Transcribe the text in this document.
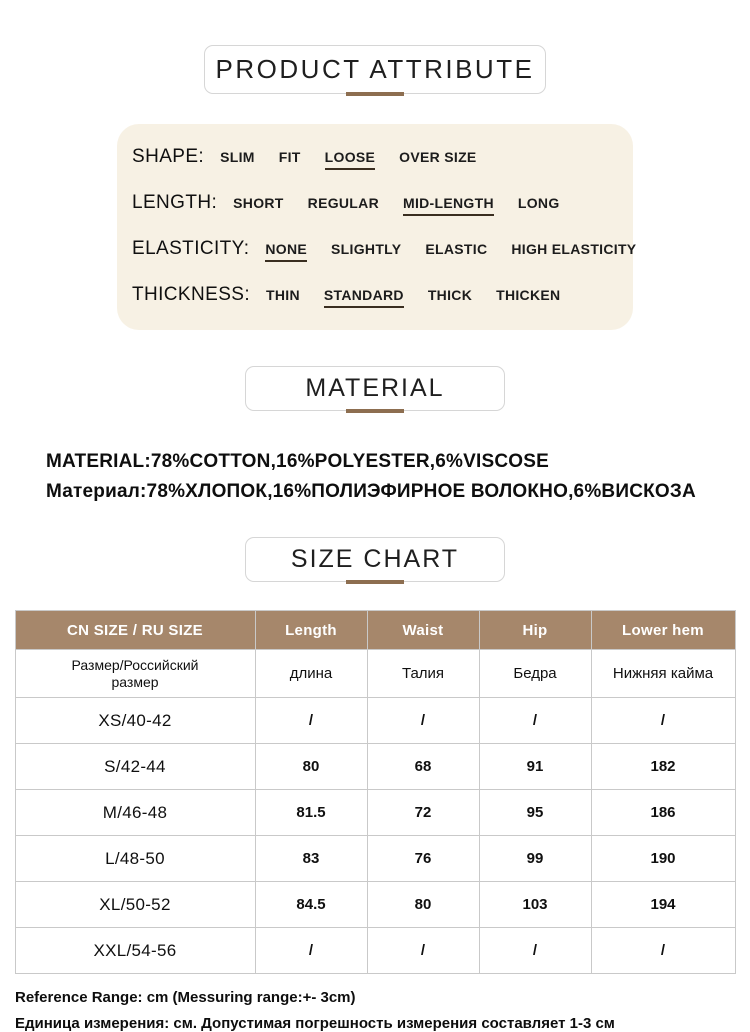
PRODUCT ATTRIBUTE
SHAPE: SLIM FIT LOOSE OVER SIZE
LENGTH: SHORT REGULAR MID-LENGTH LONG
ELASTICITY: NONE SLIGHTLY ELASTIC HIGH ELASTICITY
THICKNESS: THIN STANDARD THICK THICKEN
MATERIAL
MATERIAL:78%COTTON,16%POLYESTER,6%VISCOSE
Материал:78%ХЛОПОК,16%ПОЛИЭФИРНОЕ ВОЛОКНО,6%ВИСКОЗА
SIZE CHART
CN SIZE / RU SIZE	Length	Waist	Hip	Lower hem
Размер/Российский размер	длина	Талия	Бедра	Нижняя кайма
XS/40-42	/	/	/	/
S/42-44	80	68	91	182
M/46-48	81.5	72	95	186
L/48-50	83	76	99	190
XL/50-52	84.5	80	103	194
XXL/54-56	/	/	/	/
Reference Range: cm (Messuring range:+- 3cm)
Единица измерения: см. Допустимая погрешность измерения составляет 1-3 см
